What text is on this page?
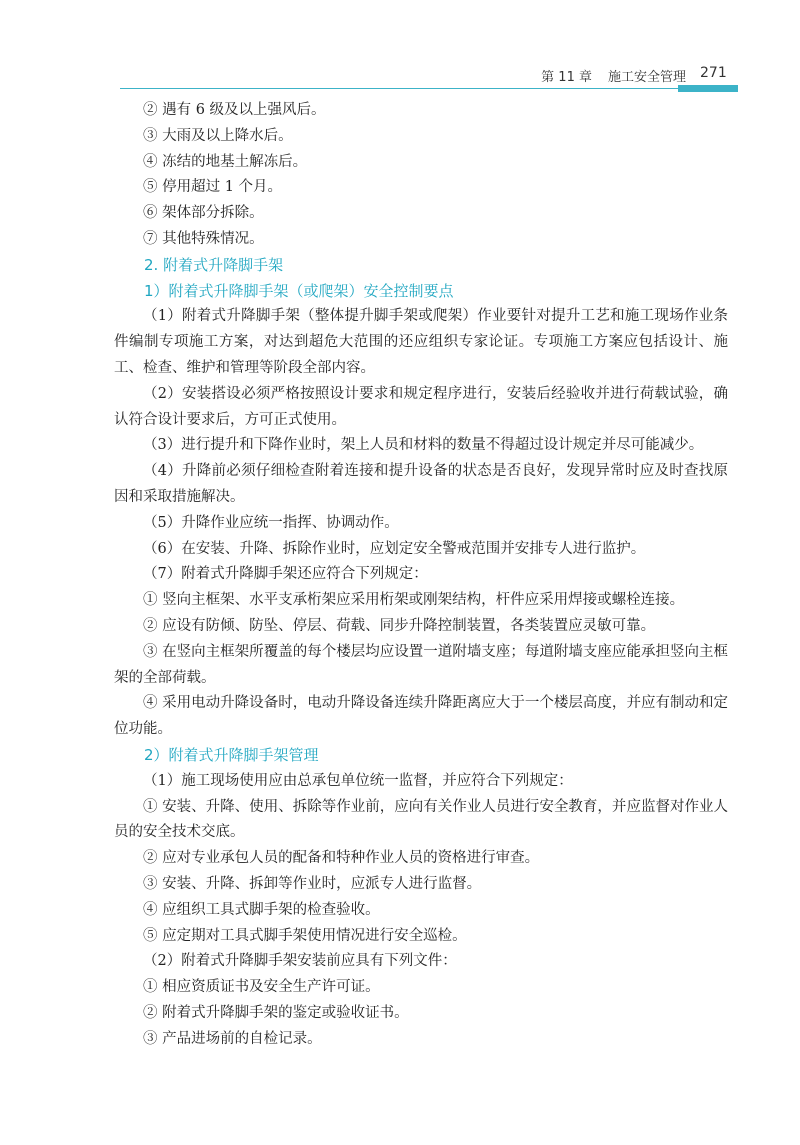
第 11 章 施工安全管理 271

② 遇有 6 级及以上强风后。

③ 大雨及以上降水后。

④ 冻结的地基土解冻后。

⑤ 停用超过 1 个月。

⑥ 架体部分拆除。

⑦ 其他特殊情况。

2. 附着式升降脚手架

1）附着式升降脚手架（或爬架）安全控制要点

（1）附着式升降脚手架（整体提升脚手架或爬架）作业要针对提升工艺和施工现场作业条件编制专项施工方案，对达到超危大范围的还应组织专家论证。专项施工方案应包括设计、施工、检查、维护和管理等阶段全部内容。

（2）安装搭设必须严格按照设计要求和规定程序进行，安装后经验收并进行荷载试验，确认符合设计要求后，方可正式使用。

（3）进行提升和下降作业时，架上人员和材料的数量不得超过设计规定并尽可能减少。

（4）升降前必须仔细检查附着连接和提升设备的状态是否良好，发现异常时应及时查找原因和采取措施解决。

（5）升降作业应统一指挥、协调动作。

（6）在安装、升降、拆除作业时，应划定安全警戒范围并安排专人进行监护。

（7）附着式升降脚手架还应符合下列规定：

① 竖向主框架、水平支承桁架应采用桁架或刚架结构，杆件应采用焊接或螺栓连接。

② 应设有防倾、防坠、停层、荷载、同步升降控制装置，各类装置应灵敏可靠。

③ 在竖向主框架所覆盖的每个楼层均应设置一道附墙支座；每道附墙支座应能承担竖向主框架的全部荷载。

④ 采用电动升降设备时，电动升降设备连续升降距离应大于一个楼层高度，并应有制动和定位功能。

2）附着式升降脚手架管理

（1）施工现场使用应由总承包单位统一监督，并应符合下列规定：

① 安装、升降、使用、拆除等作业前，应向有关作业人员进行安全教育，并应监督对作业人员的安全技术交底。

② 应对专业承包人员的配备和特种作业人员的资格进行审查。

③ 安装、升降、拆卸等作业时，应派专人进行监督。

④ 应组织工具式脚手架的检查验收。

⑤ 应定期对工具式脚手架使用情况进行安全巡检。

（2）附着式升降脚手架安装前应具有下列文件：

① 相应资质证书及安全生产许可证。

② 附着式升降脚手架的鉴定或验收证书。

③ 产品进场前的自检记录。
